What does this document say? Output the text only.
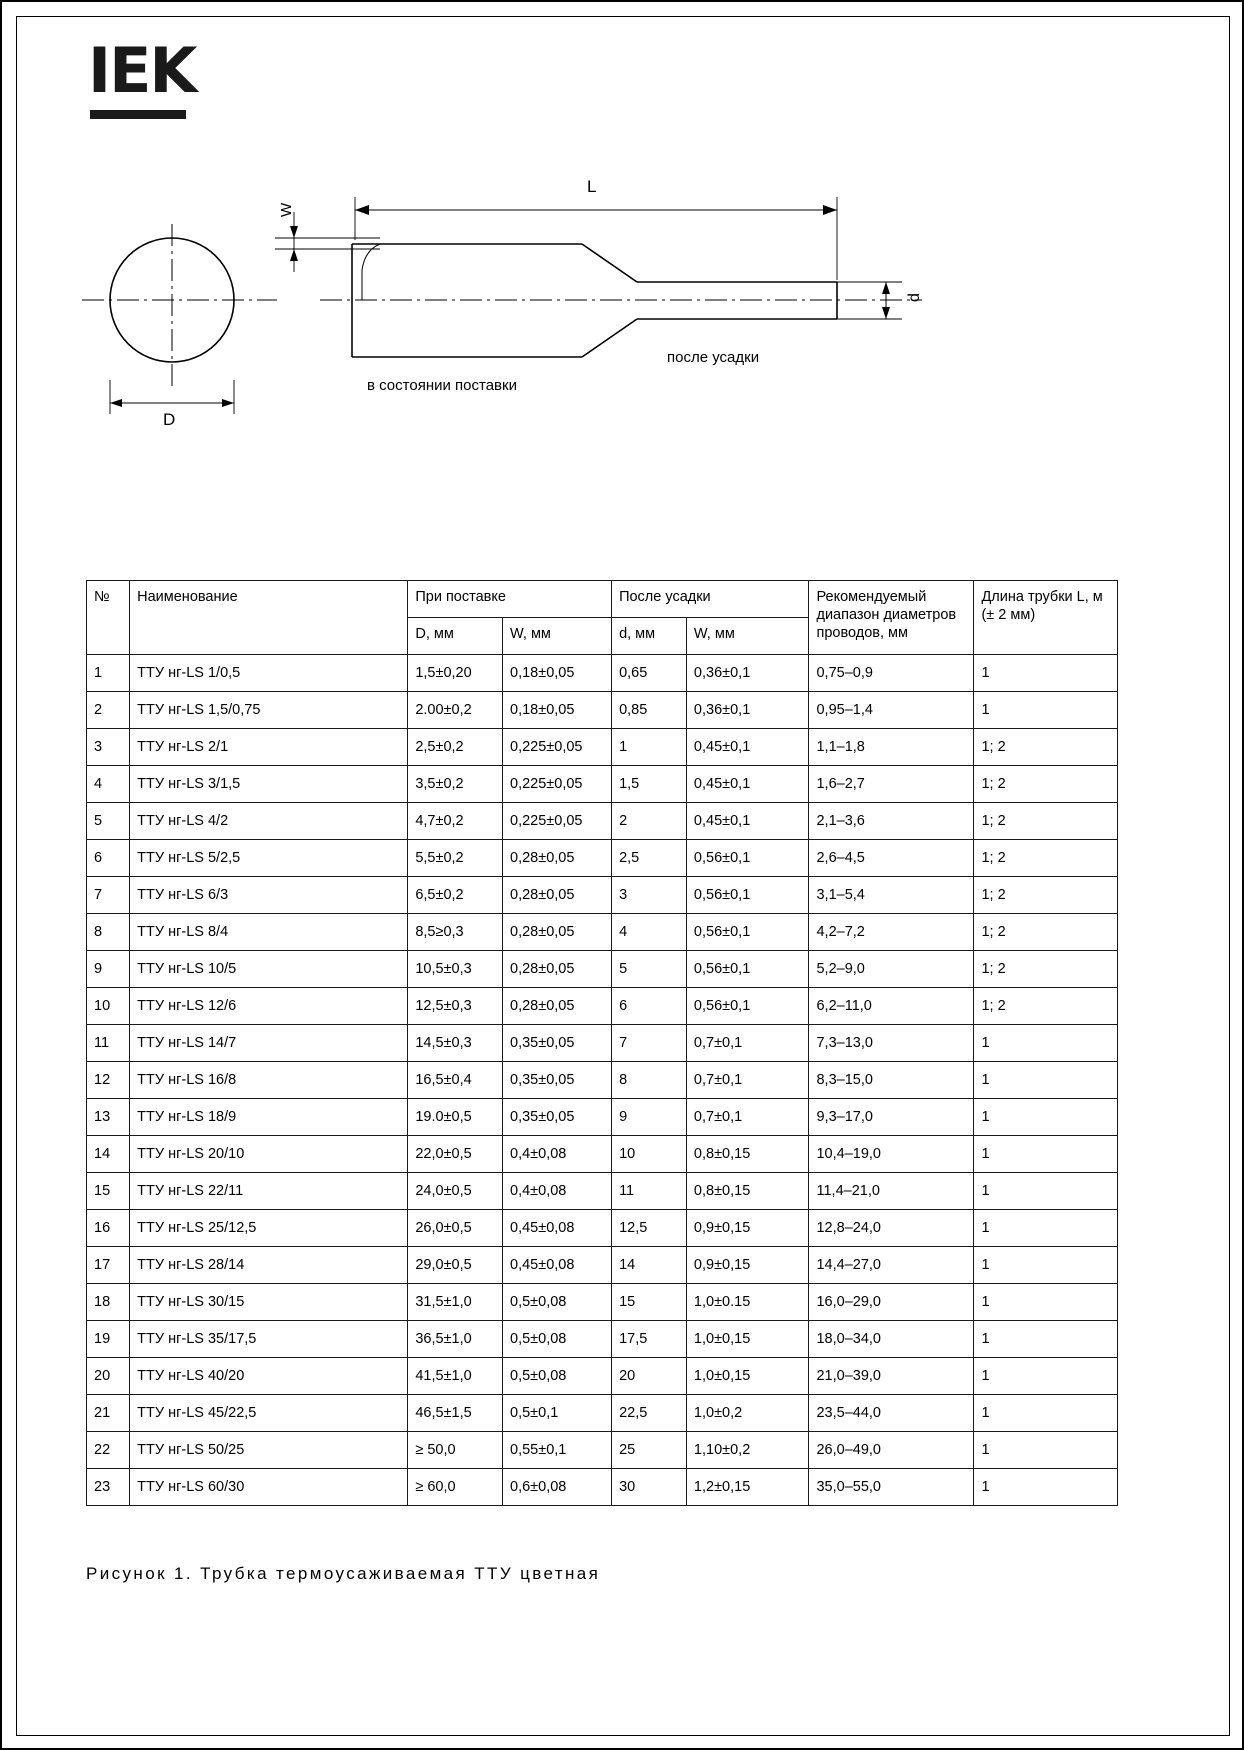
IEK
W
L
d
D
в состоянии поставки
после усадки
№	Наименование	При поставке		После усадки		Рекомендуемый диапазон диаметров проводов, мм	Длина трубки L, м (± 2 мм)
		D, мм	W, мм	d, мм	W, мм		
1	ТТУ нг-LS 1/0,5	1,5±0,20	0,18±0,05	0,65	0,36±0,1	0,75–0,9	1
2	ТТУ нг-LS 1,5/0,75	2.00±0,2	0,18±0,05	0,85	0,36±0,1	0,95–1,4	1
3	ТТУ нг-LS 2/1	2,5±0,2	0,225±0,05	1	0,45±0,1	1,1–1,8	1; 2
4	ТТУ нг-LS 3/1,5	3,5±0,2	0,225±0,05	1,5	0,45±0,1	1,6–2,7	1; 2
5	ТТУ нг-LS 4/2	4,7±0,2	0,225±0,05	2	0,45±0,1	2,1–3,6	1; 2
6	ТТУ нг-LS 5/2,5	5,5±0,2	0,28±0,05	2,5	0,56±0,1	2,6–4,5	1; 2
7	ТТУ нг-LS 6/3	6,5±0,2	0,28±0,05	3	0,56±0,1	3,1–5,4	1; 2
8	ТТУ нг-LS 8/4	8,5≥0,3	0,28±0,05	4	0,56±0,1	4,2–7,2	1; 2
9	ТТУ нг-LS 10/5	10,5±0,3	0,28±0,05	5	0,56±0,1	5,2–9,0	1; 2
10	ТТУ нг-LS 12/6	12,5±0,3	0,28±0,05	6	0,56±0,1	6,2–11,0	1; 2
11	ТТУ нг-LS 14/7	14,5±0,3	0,35±0,05	7	0,7±0,1	7,3–13,0	1
12	ТТУ нг-LS 16/8	16,5±0,4	0,35±0,05	8	0,7±0,1	8,3–15,0	1
13	ТТУ нг-LS 18/9	19.0±0,5	0,35±0,05	9	0,7±0,1	9,3–17,0	1
14	ТТУ нг-LS 20/10	22,0±0,5	0,4±0,08	10	0,8±0,15	10,4–19,0	1
15	ТТУ нг-LS 22/11	24,0±0,5	0,4±0,08	11	0,8±0,15	11,4–21,0	1
16	ТТУ нг-LS 25/12,5	26,0±0,5	0,45±0,08	12,5	0,9±0,15	12,8–24,0	1
17	ТТУ нг-LS 28/14	29,0±0,5	0,45±0,08	14	0,9±0,15	14,4–27,0	1
18	ТТУ нг-LS 30/15	31,5±1,0	0,5±0,08	15	1,0±0.15	16,0–29,0	1
19	ТТУ нг-LS 35/17,5	36,5±1,0	0,5±0,08	17,5	1,0±0,15	18,0–34,0	1
20	ТТУ нг-LS 40/20	41,5±1,0	0,5±0,08	20	1,0±0,15	21,0–39,0	1
21	ТТУ нг-LS 45/22,5	46,5±1,5	0,5±0,1	22,5	1,0±0,2	23,5–44,0	1
22	ТТУ нг-LS 50/25	≥ 50,0	0,55±0,1	25	1,10±0,2	26,0–49,0	1
23	ТТУ нг-LS 60/30	≥ 60,0	0,6±0,08	30	1,2±0,15	35,0–55,0	1
Рисунок 1. Трубка термоусаживаемая ТТУ цветная
